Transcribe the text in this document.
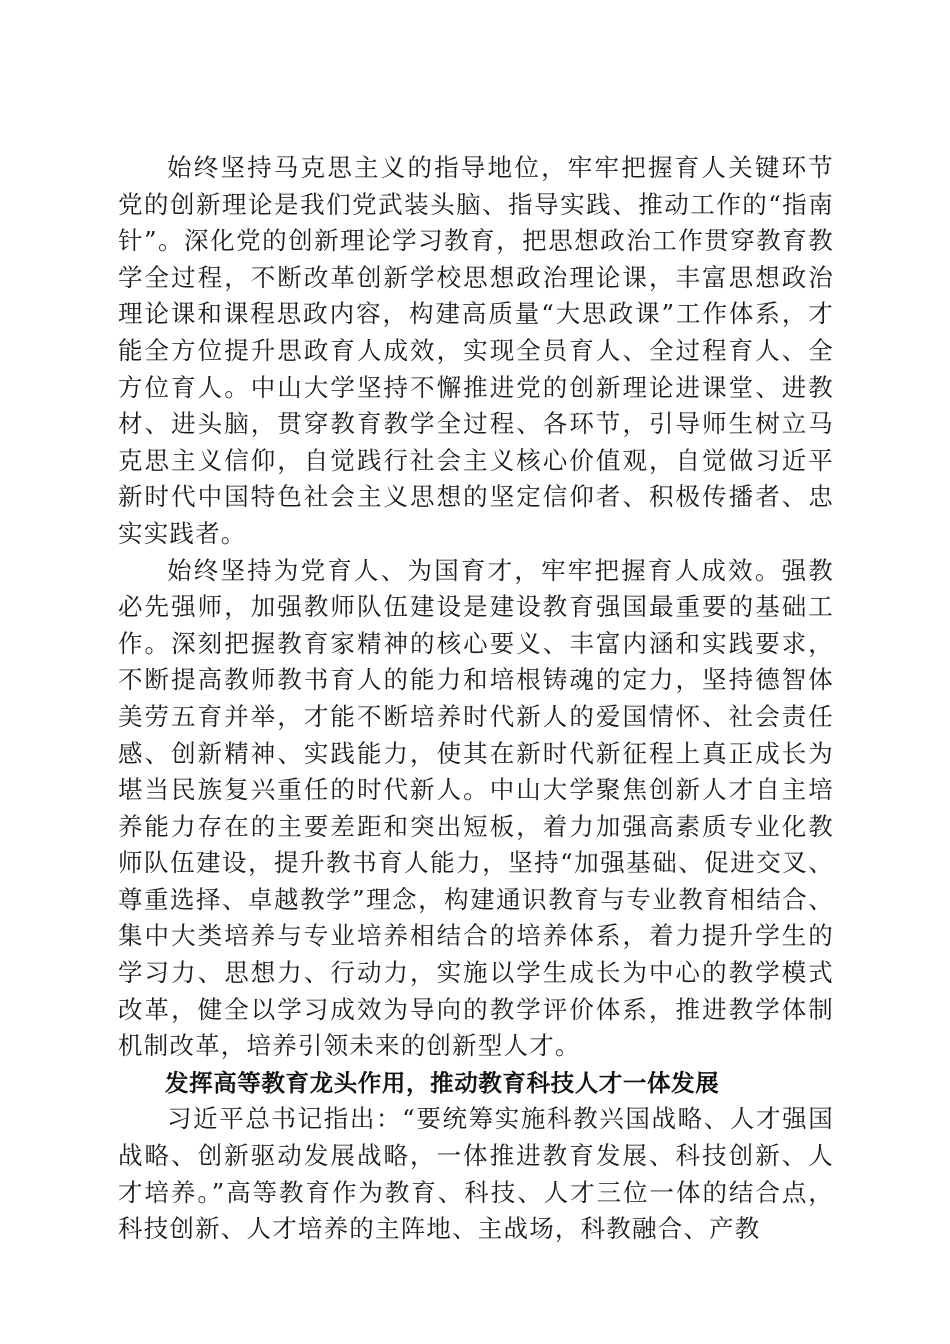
始终坚持马克思主义的指导地位，牢牢把握育人关键环节党的创新理论是我们党武装头脑、指导实践、推动工作的“指南针”。深化党的创新理论学习教育，把思想政治工作贯穿教育教学全过程，不断改革创新学校思想政治理论课，丰富思想政治理论课和课程思政内容，构建高质量“大思政课”工作体系，才能全方位提升思政育人成效，实现全员育人、全过程育人、全方位育人。中山大学坚持不懈推进党的创新理论进课堂、进教材、进头脑，贯穿教育教学全过程、各环节，引导师生树立马克思主义信仰，自觉践行社会主义核心价值观，自觉做习近平新时代中国特色社会主义思想的坚定信仰者、积极传播者、忠实实践者。

始终坚持为党育人、为国育才，牢牢把握育人成效。强教必先强师，加强教师队伍建设是建设教育强国最重要的基础工作。深刻把握教育家精神的核心要义、丰富内涵和实践要求，不断提高教师教书育人的能力和培根铸魂的定力，坚持德智体美劳五育并举，才能不断培养时代新人的爱国情怀、社会责任感、创新精神、实践能力，使其在新时代新征程上真正成长为堪当民族复兴重任的时代新人。中山大学聚焦创新人才自主培养能力存在的主要差距和突出短板，着力加强高素质专业化教师队伍建设，提升教书育人能力，坚持“加强基础、促进交叉、尊重选择、卓越教学”理念，构建通识教育与专业教育相结合、集中大类培养与专业培养相结合的培养体系，着力提升学生的学习力、思想力、行动力，实施以学生成长为中心的教学模式改革，健全以学习成效为导向的教学评价体系，推进教学体制机制改革，培养引领未来的创新型人才。

发挥高等教育龙头作用，推动教育科技人才一体发展

习近平总书记指出：“要统筹实施科教兴国战略、人才强国战略、创新驱动发展战略，一体推进教育发展、科技创新、人才培养。”高等教育作为教育、科技、人才三位一体的结合点，科技创新、人才培养的主阵地、主战场，科教融合、产教
